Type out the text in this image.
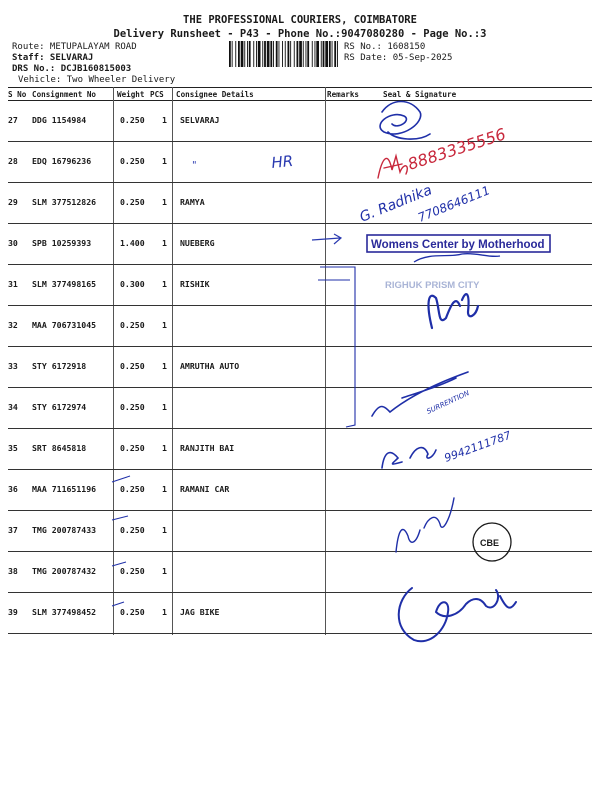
THE PROFESSIONAL COURIERS, COIMBATORE
Delivery Runsheet - P43 - Phone No.:9047080280 - Page No.:3
Route: METUPALAYAM ROAD
Staff: SELVARAJ
DRS No.: DCJB160815003
Vehicle: Two Wheeler Delivery
RS No.: 1608150
RS Date: 05-Sep-2025
S No Consignment No	Weight PCS Consignee Details	Remarks	Seal & Signature
27 DDG 1154984	0.250 1 SELVARAJ
28 EDQ 16796236	0.250 1
29 SLM 377512826	0.250 1 RAMYA
30 SPB 10259393	1.400 1 NUEBERG
31 SLM 377498165	0.300 1 RISHIK
32 MAA 706731045	0.250 1
33 STY 6172918	0.250 1 AMRUTHA AUTO
34 STY 6172974	0.250 1
35 SRT 8645818	0.250 1 RANJITH BAI
36 MAA 711651196	0.250 1 RAMANI CAR
37 TMG 200787433	0.250 1
38 TMG 200787432	0.250 1
39 SLM 377498452	0.250 1 JAG BIKE
8883335556
HR
"
G. Radhika
7708646111
Womens Center by Motherhood
RIGHUK PRISM CITY
SURRENTION
9942111787
CBE
